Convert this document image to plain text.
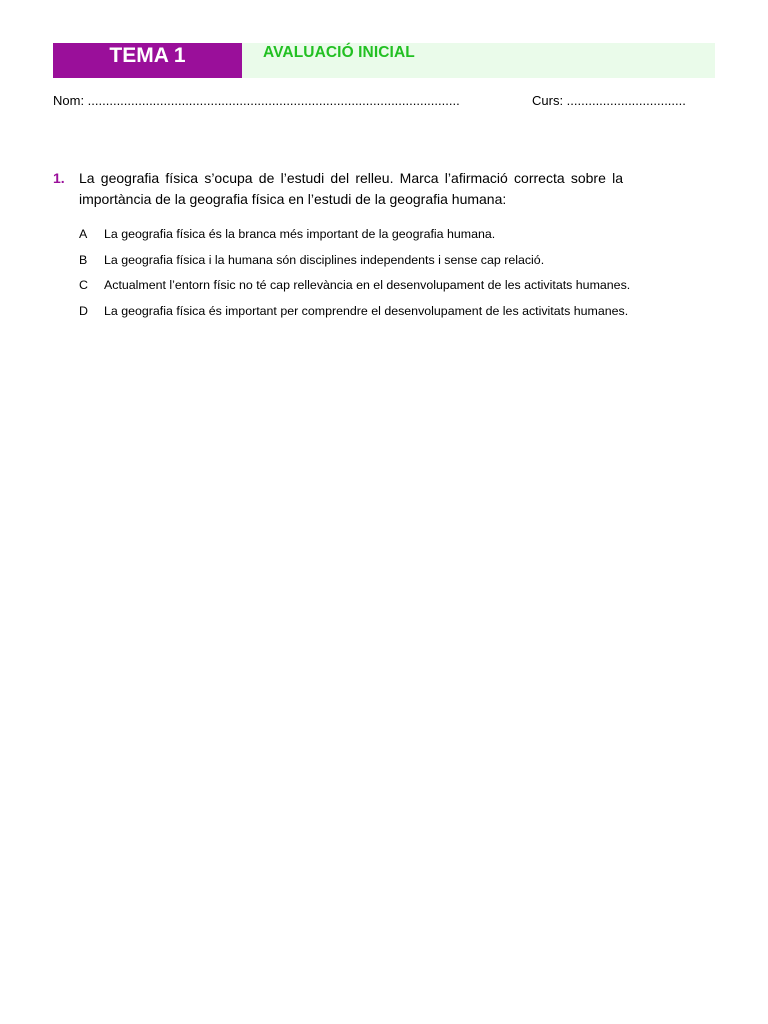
TEMA 1	AVALUACIÓ INICIAL
Nom: .......................................................................................................	Curs: .................................
1. La geografia física s’ocupa de l’estudi del relleu. Marca l’afirmació correcta sobre la importància de la geografia física en l’estudi de la geografia humana:
A La geografia física és la branca més important de la geografia humana.
B La geografia física i la humana són disciplines independents i sense cap relació.
C Actualment l’entorn físic no té cap rellevància en el desenvolupament de les activitats humanes.
D La geografia física és important per comprendre el desenvolupament de les activitats humanes.
